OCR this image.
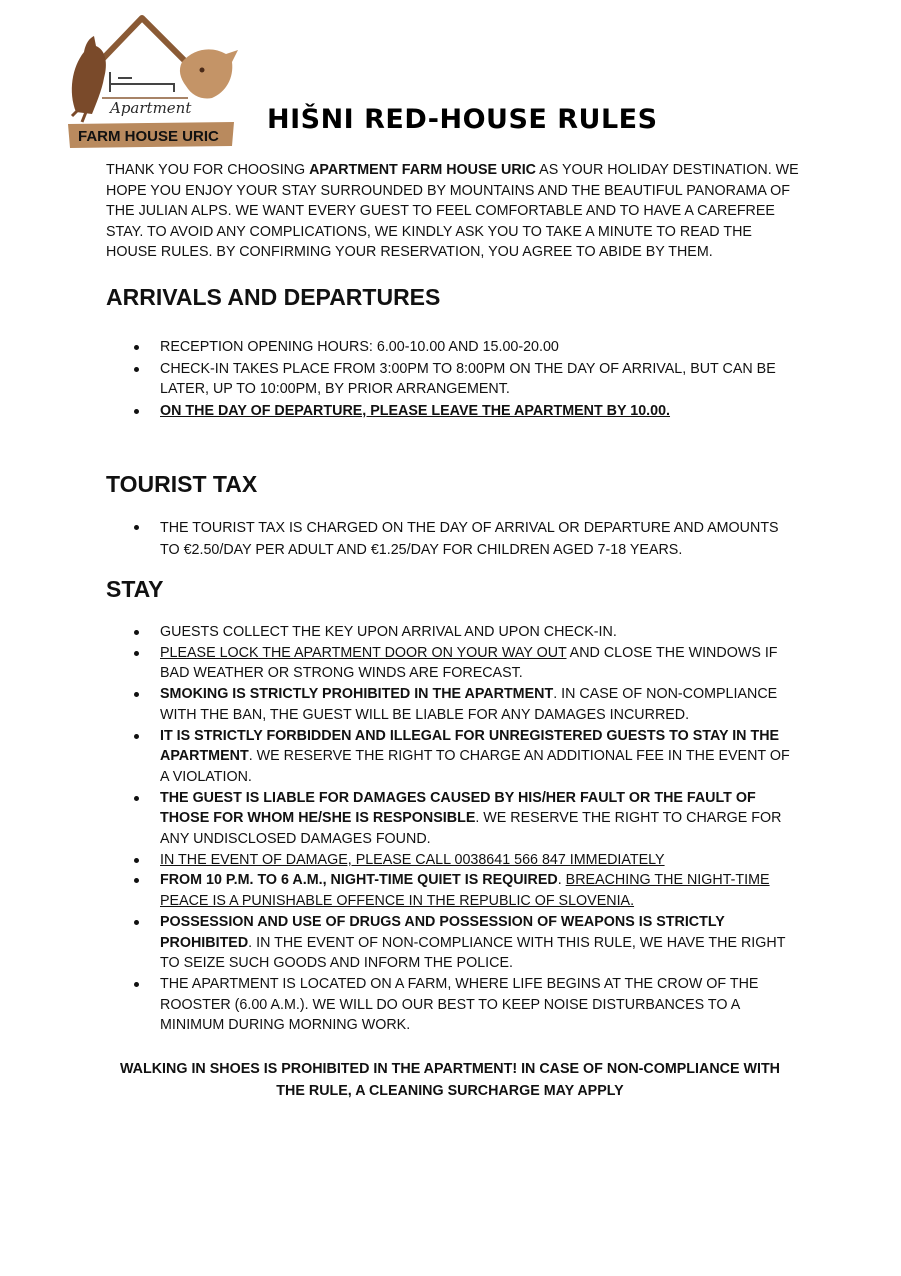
Apartment
FARM HOUSE URIC
HIŠNI RED-HOUSE RULES

THANK YOU FOR CHOOSING APARTMENT FARM HOUSE URIC AS YOUR HOLIDAY DESTINATION. WE HOPE YOU ENJOY YOUR STAY SURROUNDED BY MOUNTAINS AND THE BEAUTIFUL PANORAMA OF THE JULIAN ALPS. WE WANT EVERY GUEST TO FEEL COMFORTABLE AND TO HAVE A CAREFREE STAY. TO AVOID ANY COMPLICATIONS, WE KINDLY ASK YOU TO TAKE A MINUTE TO READ THE HOUSE RULES. BY CONFIRMING YOUR RESERVATION, YOU AGREE TO ABIDE BY THEM.

ARRIVALS AND DEPARTURES
RECEPTION OPENING HOURS: 6.00-10.00 AND 15.00-20.00
CHECK-IN TAKES PLACE FROM 3:00PM TO 8:00PM ON THE DAY OF ARRIVAL, BUT CAN BE LATER, UP TO 10:00PM, BY PRIOR ARRANGEMENT.
ON THE DAY OF DEPARTURE, PLEASE LEAVE THE APARTMENT BY 10.00.
TOURIST TAX
THE TOURIST TAX IS CHARGED ON THE DAY OF ARRIVAL OR DEPARTURE AND AMOUNTS TO €2.50/DAY PER ADULT AND €1.25/DAY FOR CHILDREN AGED 7-18 YEARS.
STAY
GUESTS COLLECT THE KEY UPON ARRIVAL AND UPON CHECK-IN.
PLEASE LOCK THE APARTMENT DOOR ON YOUR WAY OUT AND CLOSE THE WINDOWS IF BAD WEATHER OR STRONG WINDS ARE FORECAST.
SMOKING IS STRICTLY PROHIBITED IN THE APARTMENT. IN CASE OF NON-COMPLIANCE WITH THE BAN, THE GUEST WILL BE LIABLE FOR ANY DAMAGES INCURRED.
IT IS STRICTLY FORBIDDEN AND ILLEGAL FOR UNREGISTERED GUESTS TO STAY IN THE APARTMENT. WE RESERVE THE RIGHT TO CHARGE AN ADDITIONAL FEE IN THE EVENT OF A VIOLATION.
THE GUEST IS LIABLE FOR DAMAGES CAUSED BY HIS/HER FAULT OR THE FAULT OF THOSE FOR WHOM HE/SHE IS RESPONSIBLE. WE RESERVE THE RIGHT TO CHARGE FOR ANY UNDISCLOSED DAMAGES FOUND.
IN THE EVENT OF DAMAGE, PLEASE CALL 0038641 566 847 IMMEDIATELY
FROM 10 P.M. TO 6 A.M., NIGHT-TIME QUIET IS REQUIRED. BREACHING THE NIGHT-TIME PEACE IS A PUNISHABLE OFFENCE IN THE REPUBLIC OF SLOVENIA.
POSSESSION AND USE OF DRUGS AND POSSESSION OF WEAPONS IS STRICTLY PROHIBITED. IN THE EVENT OF NON-COMPLIANCE WITH THIS RULE, WE HAVE THE RIGHT TO SEIZE SUCH GOODS AND INFORM THE POLICE.
THE APARTMENT IS LOCATED ON A FARM, WHERE LIFE BEGINS AT THE CROW OF THE ROOSTER (6.00 A.M.). WE WILL DO OUR BEST TO KEEP NOISE DISTURBANCES TO A MINIMUM DURING MORNING WORK.

WALKING IN SHOES IS PROHIBITED IN THE APARTMENT! IN CASE OF NON-COMPLIANCE WITH THE RULE, A CLEANING SURCHARGE MAY APPLY
